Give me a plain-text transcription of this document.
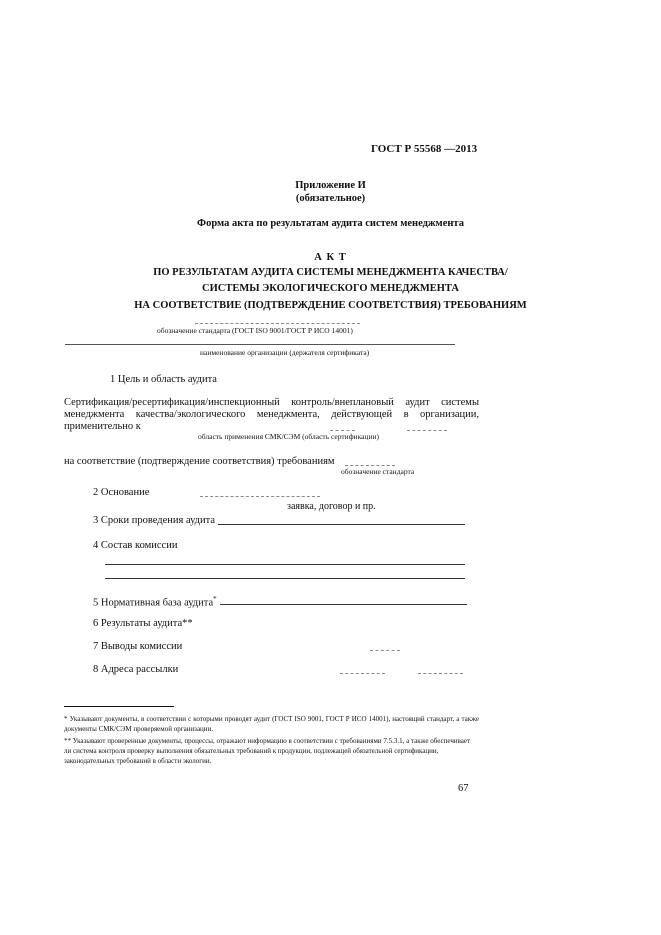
ГОСТ Р 55568 —2013
Приложение И
(обязательное)
Форма акта по результатам аудита систем менеджмента
А К Т
ПО РЕЗУЛЬТАТАМ АУДИТА СИСТЕМЫ МЕНЕДЖМЕНТА КАЧЕСТВА/
СИСТЕМЫ ЭКОЛОГИЧЕСКОГО МЕНЕДЖМЕНТА
НА СООТВЕТСТВИЕ (ПОДТВЕРЖДЕНИЕ СООТВЕТСТВИЯ) ТРЕБОВАНИЯМ
обозначение стандарта (ГОСТ ISO 9001/ГОСТ Р ИСО 14001)
наименование организации (держателя сертификата)
1 Цель и область аудита
Сертификация/ресертификация/инспекционный контроль/внеплановый аудит системы
менеджмента качества/экологического менеджмента, действующей в организации,
применительно к
область применения СМК/СЭМ (область сертификации)
на соответствие (подтверждение соответствия) требованиям
обозначение стандарта
2 Основание
заявка, договор и пр.
3 Сроки проведения аудита
4 Состав комиссии
5 Нормативная база аудита*
6 Результаты аудита**
7 Выводы комиссии
8 Адреса рассылки
* Указывают документы, в соответствии с которыми проводят аудит (ГОСТ ISO 9001, ГОСТ Р ИСО 14001), настоящий стандарт, а также документы СМК/СЭМ проверяемой организации.
** Указывают проверенные документы, процессы, отражают информацию в соответствии с требованиями 7.5.3.1, а также обеспечивает ли система контроля проверку выполнения обязательных требований к продукции, подлежащей обязательной сертификации, законодательных требований в области экологии.
67
